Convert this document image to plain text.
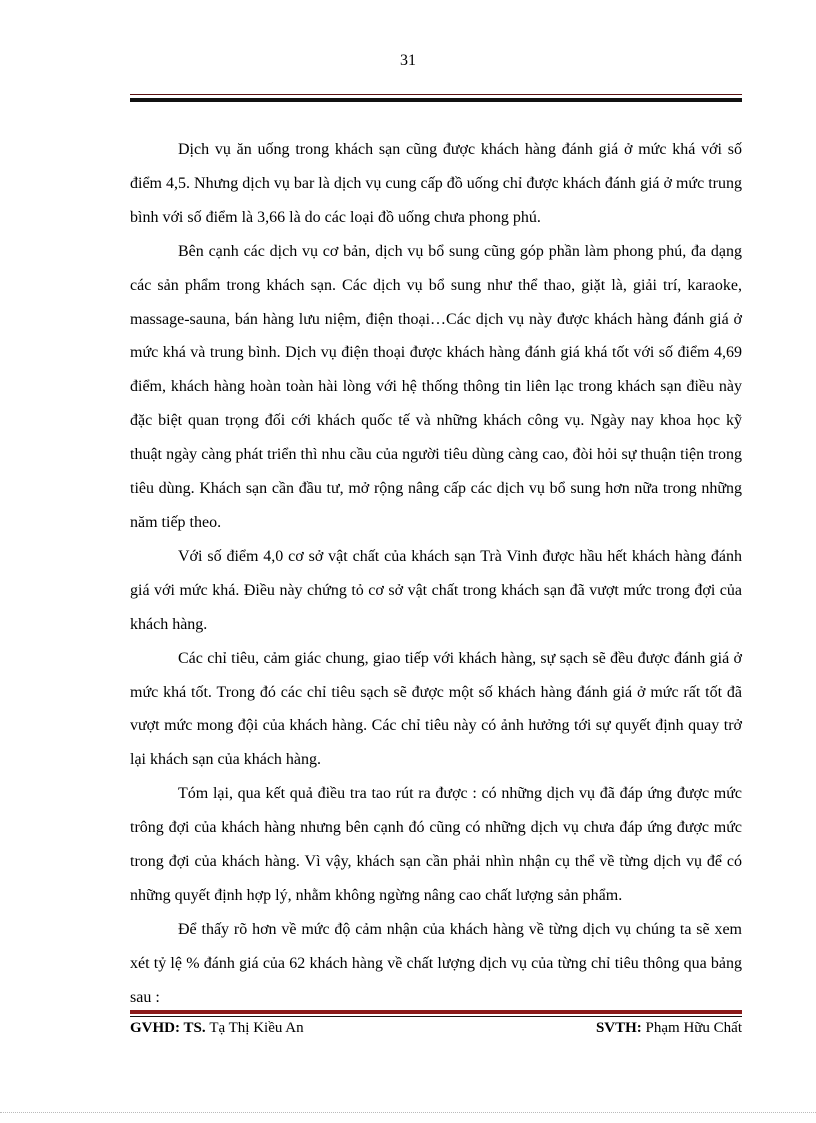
31

Dịch vụ ăn uống trong khách sạn cũng được khách hàng đánh giá ở mức khá với số điểm 4,5. Nhưng dịch vụ bar là dịch vụ cung cấp đồ uống chỉ được khách đánh giá ở mức trung bình với số điểm là 3,66 là do các loại đồ uống chưa phong phú.

Bên cạnh các dịch vụ cơ bản, dịch vụ bổ sung cũng góp phần làm phong phú, đa dạng các sản phẩm trong khách sạn. Các dịch vụ bổ sung như thể thao, giặt là, giải trí, karaoke, massage-sauna, bán hàng lưu niệm, điện thoại…Các dịch vụ này được khách hàng đánh giá ở mức khá và trung bình. Dịch vụ điện thoại được khách hàng đánh giá khá tốt với số điểm 4,69 điểm, khách hàng hoàn toàn hài lòng với hệ thống thông tin liên lạc trong khách sạn điều này đặc biệt quan trọng đối cới khách quốc tế và những khách công vụ. Ngày nay khoa học kỹ thuật ngày càng phát triển thì nhu cầu của người tiêu dùng càng cao, đòi hỏi sự thuận tiện trong tiêu dùng. Khách sạn cần đầu tư, mở rộng nâng cấp các dịch vụ bổ sung hơn nữa trong những năm tiếp theo.

Với số điểm 4,0 cơ sở vật chất của khách sạn Trà Vinh được hầu hết khách hàng đánh giá với mức khá. Điều này chứng tỏ cơ sở vật chất trong khách sạn đã vượt mức trong đợi của khách hàng.

Các chỉ tiêu, cảm giác chung, giao tiếp với khách hàng, sự sạch sẽ đều được đánh giá ở mức khá tốt. Trong đó các chỉ tiêu sạch sẽ được một số khách hàng đánh giá ở mức rất tốt đã vượt mức mong đội của khách hàng. Các chỉ tiêu này có ảnh hưởng tới sự quyết định quay trở lại khách sạn của khách hàng.

Tóm lại, qua kết quả điều tra tao rút ra được : có những dịch vụ đã đáp ứng được mức trông đợi của khách hàng nhưng bên cạnh đó cũng có những dịch vụ chưa đáp ứng được mức trong đợi của khách hàng. Vì vậy, khách sạn cần phải nhìn nhận cụ thể về từng dịch vụ để có những quyết định hợp lý, nhằm không ngừng nâng cao chất lượng sản phẩm.

Để thấy rõ hơn về mức độ cảm nhận của khách hàng về từng dịch vụ chúng ta sẽ xem xét tỷ lệ % đánh giá của 62 khách hàng về chất lượng dịch vụ của từng chỉ tiêu thông qua bảng sau :

GVHD: TS. Tạ Thị Kiều An	SVTH: Phạm Hữu Chất
